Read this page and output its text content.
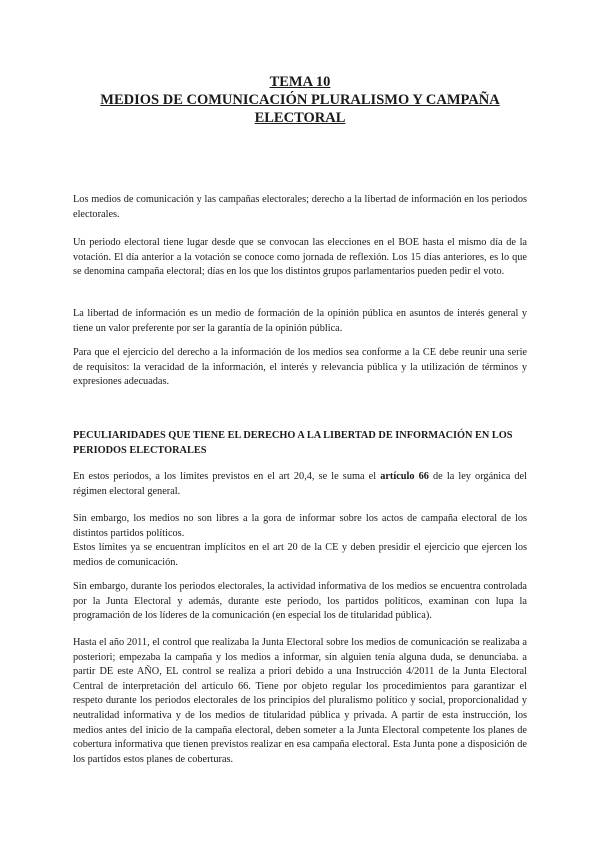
TEMA 10
MEDIOS DE COMUNICACIÓN PLURALISMO Y CAMPAÑA
ELECTORAL

Los medios de comunicación y las campañas electorales; derecho a la libertad de información en los periodos electorales.

Un periodo electoral tiene lugar desde que se convocan las elecciones en el BOE hasta el mismo día de la votación. El día anterior a la votación se conoce como jornada de reflexión. Los 15 días anteriores, es lo que se denomina campaña electoral; días en los que los distintos grupos parlamentarios pueden pedir el voto.

La libertad de información es un medio de formación de la opinión pública en asuntos de interés general y tiene un valor preferente por ser la garantía de la opinión pública.

Para que el ejercicio del derecho a la información de los medios sea conforme a la CE debe reunir una serie de requisitos: la veracidad de la información, el interés y relevancia pública y la utilización de términos y expresiones adecuadas.

PECULIARIDADES QUE TIENE EL DERECHO A LA LIBERTAD DE INFORMACIÓN EN LOS PERIODOS ELECTORALES

En estos periodos, a los límites previstos en el art 20,4, se le suma el artículo 66 de la ley orgánica del régimen electoral general.

Sin embargo, los medios no son libres a la gora de informar sobre los actos de campaña electoral de los distintos partidos políticos.
Estos límites ya se encuentran implícitos en el art 20 de la CE y deben presidir el ejercicio que ejercen los medios de comunicación.

Sin embargo, durante los periodos electorales, la actividad informativa de los medios se encuentra controlada por la Junta Electoral y además, durante este periodo, los partidos políticos, examinan con lupa la programación de los líderes de la comunicación (en especial los de titularidad pública).

Hasta el año 2011, el control que realizaba la Junta Electoral sobre los medios de comunicación se realizaba a posteriori; empezaba la campaña y los medios a informar, sin alguien tenía alguna duda, se denunciaba. a partir DE este AÑO, EL control se realiza a priori debido a una Instrucción 4/2011 de la Junta Electoral Central de interpretación del artículo 66. Tiene por objeto regular los procedimientos para garantizar el respeto durante los periodos electorales de los principios del pluralismo político y social, proporcionalidad y neutralidad informativa y de los medios de titularidad pública y privada. A partir de esta instrucción, los medios antes del inicio de la campaña electoral, deben someter a la Junta Electoral competente los planes de cobertura informativa que tienen previstos realizar en esa campaña electoral. Esta Junta pone a disposición de los partidos estos planes de coberturas.
